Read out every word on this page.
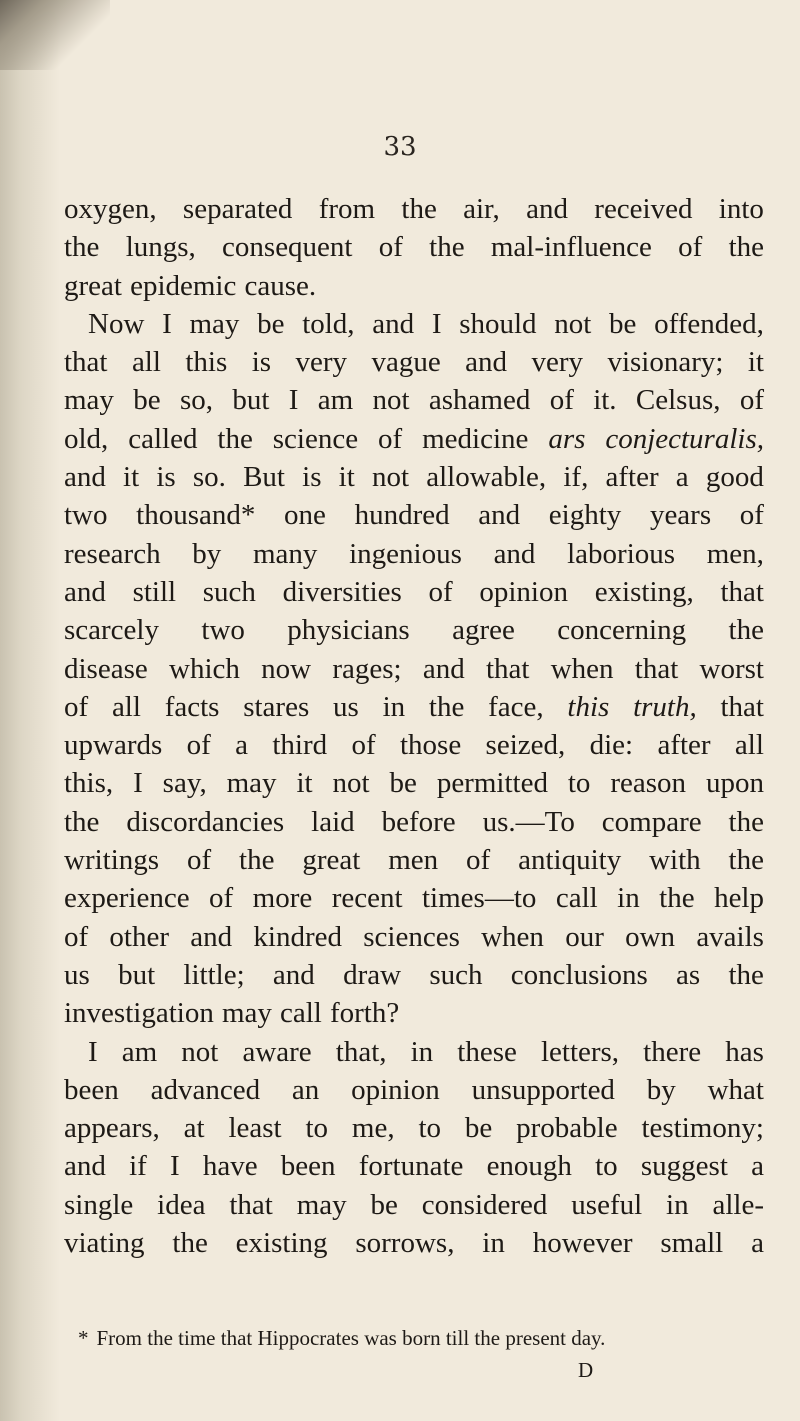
33
oxygen, separated from the air, and received into
the lungs, consequent of the mal-influence of the
great epidemic cause.
Now I may be told, and I should not be offended,
that all this is very vague and very visionary; it
may be so, but I am not ashamed of it. Celsus, of
old, called the science of medicine ars conjecturalis,
and it is so. But is it not allowable, if, after a good
two thousand* one hundred and eighty years of
research by many ingenious and laborious men,
and still such diversities of opinion existing, that
scarcely two physicians agree concerning the
disease which now rages; and that when that worst
of all facts stares us in the face, this truth, that
upwards of a third of those seized, die: after all
this, I say, may it not be permitted to reason upon
the discordancies laid before us.—To compare the
writings of the great men of antiquity with the
experience of more recent times—to call in the help
of other and kindred sciences when our own avails
us but little; and draw such conclusions as the
investigation may call forth?
I am not aware that, in these letters, there has
been advanced an opinion unsupported by what
appears, at least to me, to be probable testimony;
and if I have been fortunate enough to suggest a
single idea that may be considered useful in alle-
viating the existing sorrows, in however small a
* From the time that Hippocrates was born till the present day.
D
